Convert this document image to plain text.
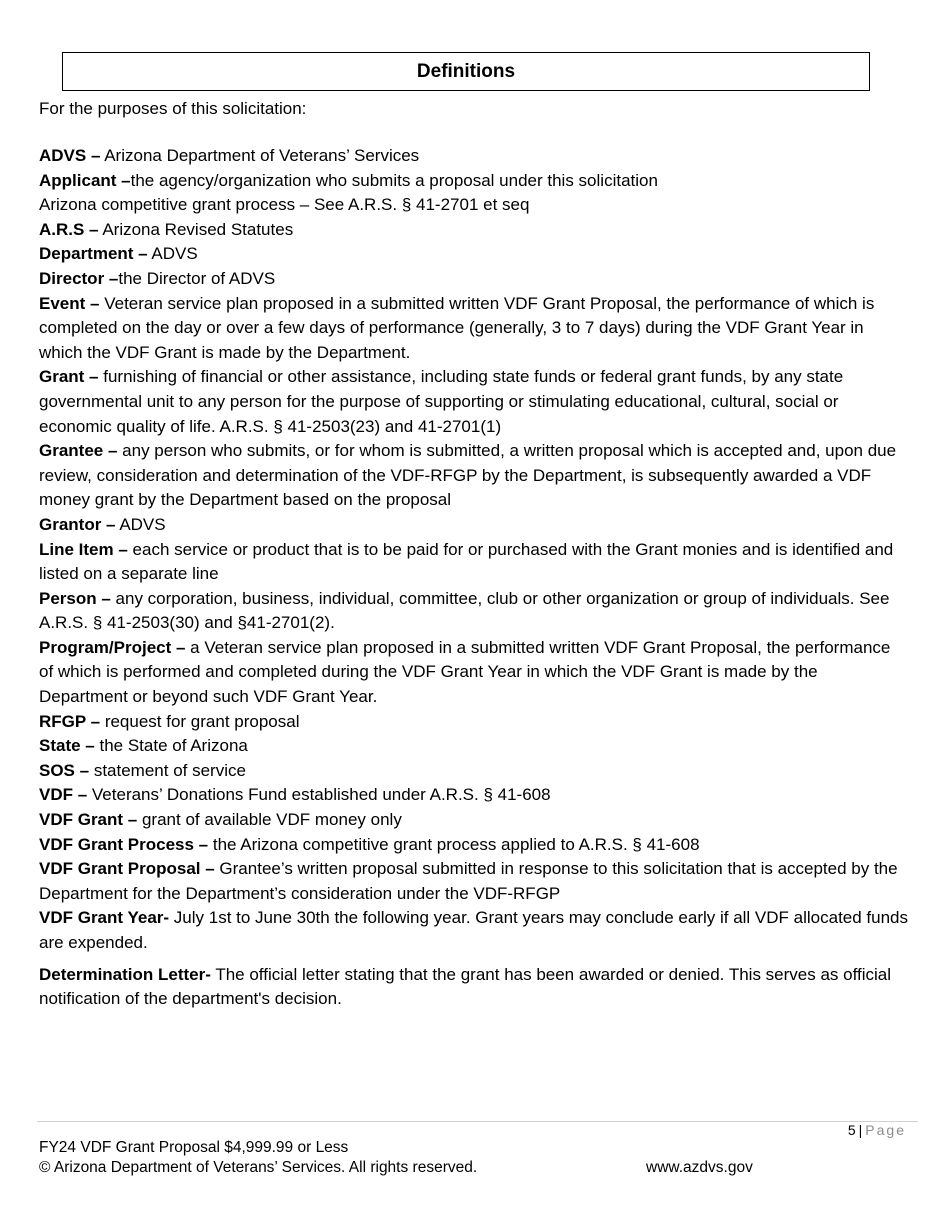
Definitions
For the purposes of this solicitation:

ADVS – Arizona Department of Veterans’ Services

Applicant –the agency/organization who submits a proposal under this solicitation

Arizona competitive grant process – See A.R.S. § 41-2701 et seq

A.R.S – Arizona Revised Statutes

Department – ADVS

Director –the Director of ADVS

Event – Veteran service plan proposed in a submitted written VDF Grant Proposal, the performance of which is completed on the day or over a few days of performance (generally, 3 to 7 days) during the VDF Grant Year in which the VDF Grant is made by the Department.

Grant – furnishing of financial or other assistance, including state funds or federal grant funds, by any state governmental unit to any person for the purpose of supporting or stimulating educational, cultural, social or economic quality of life. A.R.S. § 41-2503(23) and 41-2701(1)

Grantee – any person who submits, or for whom is submitted, a written proposal which is accepted and, upon due review, consideration and determination of the VDF-RFGP by the Department, is subsequently awarded a VDF money grant by the Department based on the proposal

Grantor – ADVS

Line Item – each service or product that is to be paid for or purchased with the Grant monies and is identified and listed on a separate line

Person – any corporation, business, individual, committee, club or other organization or group of individuals. See A.R.S. § 41-2503(30) and §41-2701(2).

Program/Project – a Veteran service plan proposed in a submitted written VDF Grant Proposal, the performance of which is performed and completed during the VDF Grant Year in which the VDF Grant is made by the Department or beyond such VDF Grant Year.

RFGP – request for grant proposal

State – the State of Arizona

SOS – statement of service

VDF – Veterans’ Donations Fund established under A.R.S. § 41-608

VDF Grant – grant of available VDF money only

VDF Grant Process – the Arizona competitive grant process applied to A.R.S. § 41-608

VDF Grant Proposal – Grantee’s written proposal submitted in response to this solicitation that is accepted by the Department for the Department’s consideration under the VDF-RFGP

VDF Grant Year- July 1st to June 30th the following year. Grant years may conclude early if all VDF allocated funds are expended.

Determination Letter- The official letter stating that the grant has been awarded or denied. This serves as official notification of the department's decision.

5 | Page
FY24 VDF Grant Proposal $4,999.99 or Less
© Arizona Department of Veterans’ Services. All rights reserved.	www.azdvs.gov
